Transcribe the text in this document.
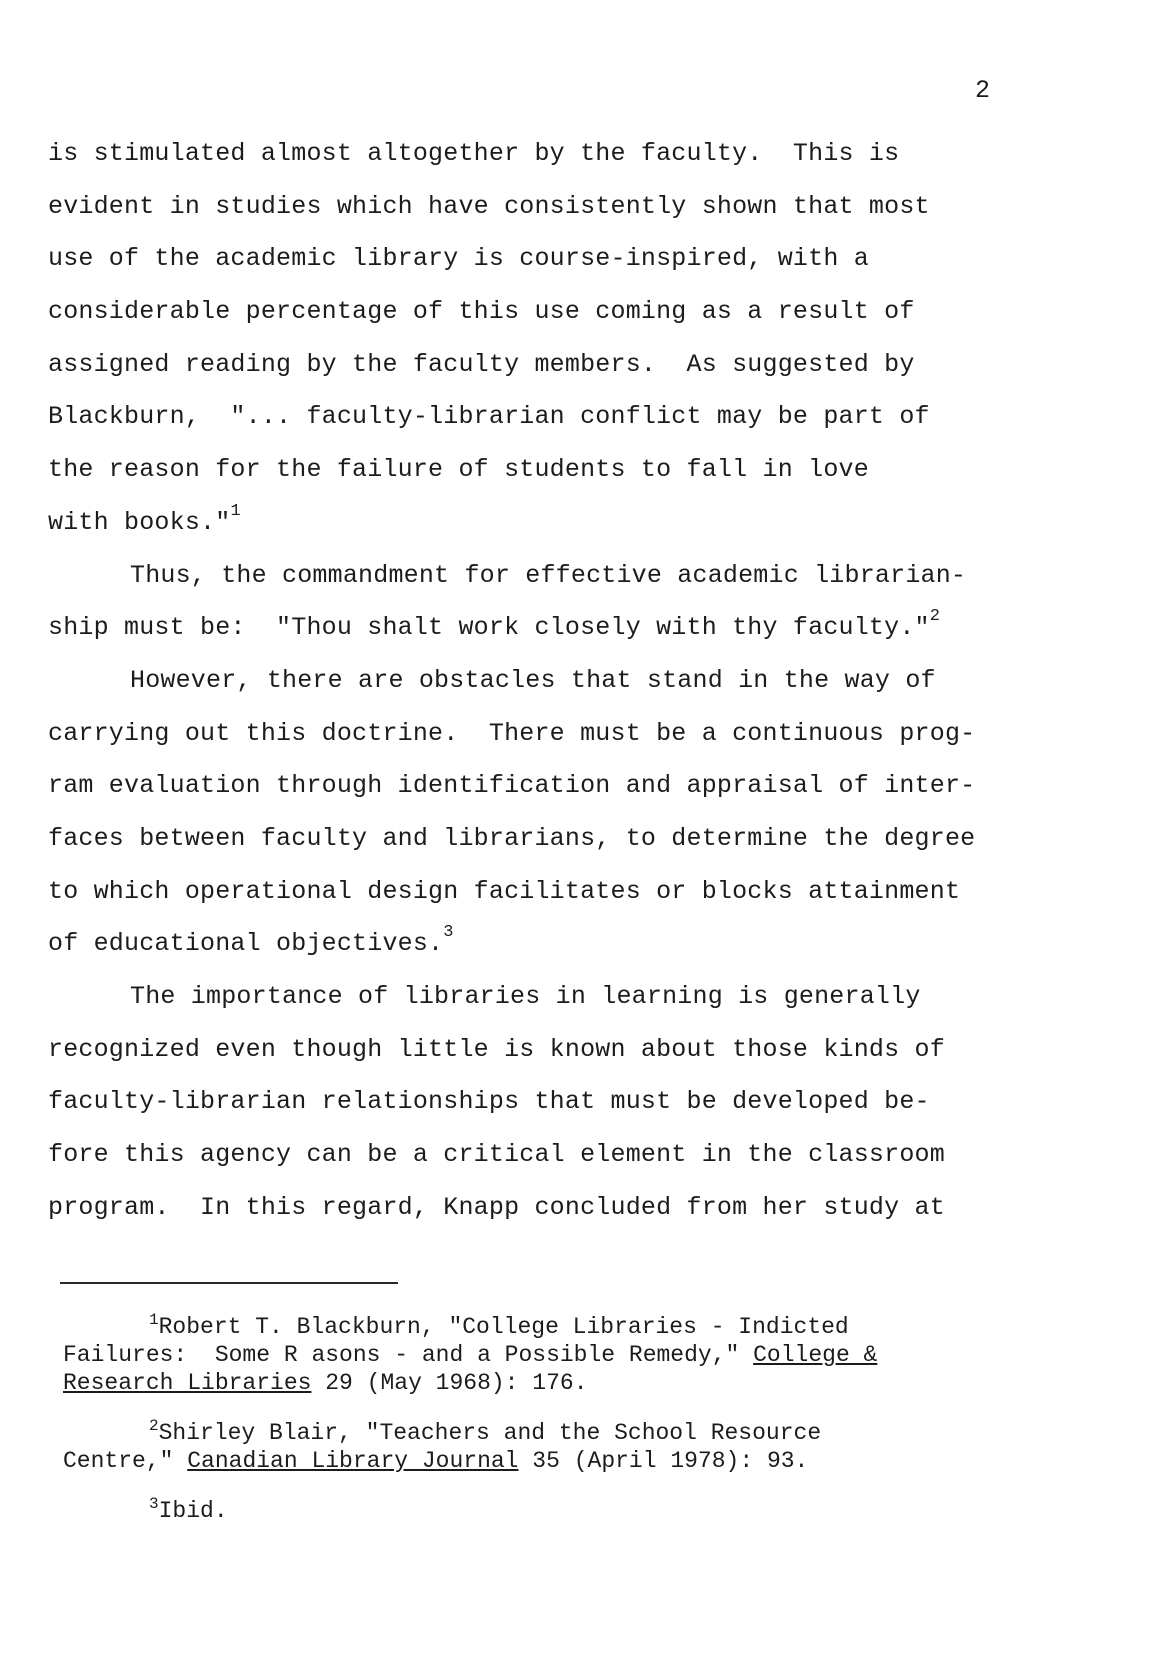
2
is stimulated almost altogether by the faculty.  This is
evident in studies which have consistently shown that most
use of the academic library is course-inspired, with a
considerable percentage of this use coming as a result of
assigned reading by the faculty members.  As suggested by
Blackburn,  "... faculty-librarian conflict may be part of
the reason for the failure of students to fall in love
with books."$^1$
Thus, the commandment for effective academic librarian-
ship must be:  "Thou shalt work closely with thy faculty."$^2$
However, there are obstacles that stand in the way of
carrying out this doctrine.  There must be a continuous prog-
ram evaluation through identification and appraisal of inter-
faces between faculty and librarians, to determine the degree
to which operational design facilitates or blocks attainment
of educational objectives.$^3$
The importance of libraries in learning is generally
recognized even though little is known about those kinds of
faculty-librarian relationships that must be developed be-
fore this agency can be a critical element in the classroom
program.  In this regard, Knapp concluded from her study at
$^1$Robert T. Blackburn, "College Libraries - Indicted
Failures:  Some R asons - and a Possible Remedy," College &
Research Libraries 29 (May 1968): 176.
$^2$Shirley Blair, "Teachers and the School Resource
Centre," Canadian Library Journal 35 (April 1978): 93.
$^3$Ibid.
